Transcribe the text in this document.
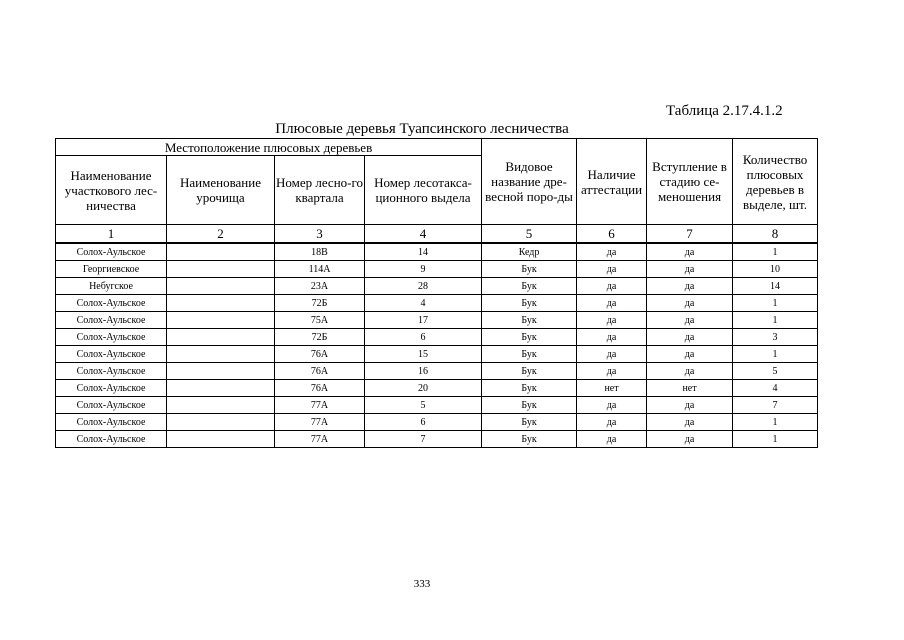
Таблица 2.17.4.1.2
Плюсовые деревья Туапсинского лесничества
Местоположение плюсовых деревьев				Видовое название дре-весной поро-ды	Наличие аттестации	Вступление в стадию се-меношения	Количество плюсовых деревьев в выделе, шт.
Наименование участкового лес-ничества	Наименование урочища	Номер лесно-го квартала	Номер лесотакса-ционного выдела				
1	2	3	4	5	6	7	8
Солох-Аульское		18В	14	Кедр	да	да	1
Георгиевское		114А	9	Бук	да	да	10
Небугское		23А	28	Бук	да	да	14
Солох-Аульское		72Б	4	Бук	да	да	1
Солох-Аульское		75А	17	Бук	да	да	1
Солох-Аульское		72Б	6	Бук	да	да	3
Солох-Аульское		76А	15	Бук	да	да	1
Солох-Аульское		76А	16	Бук	да	да	5
Солох-Аульское		76А	20	Бук	нет	нет	4
Солох-Аульское		77А	5	Бук	да	да	7
Солох-Аульское		77А	6	Бук	да	да	1
Солох-Аульское		77А	7	Бук	да	да	1
333
